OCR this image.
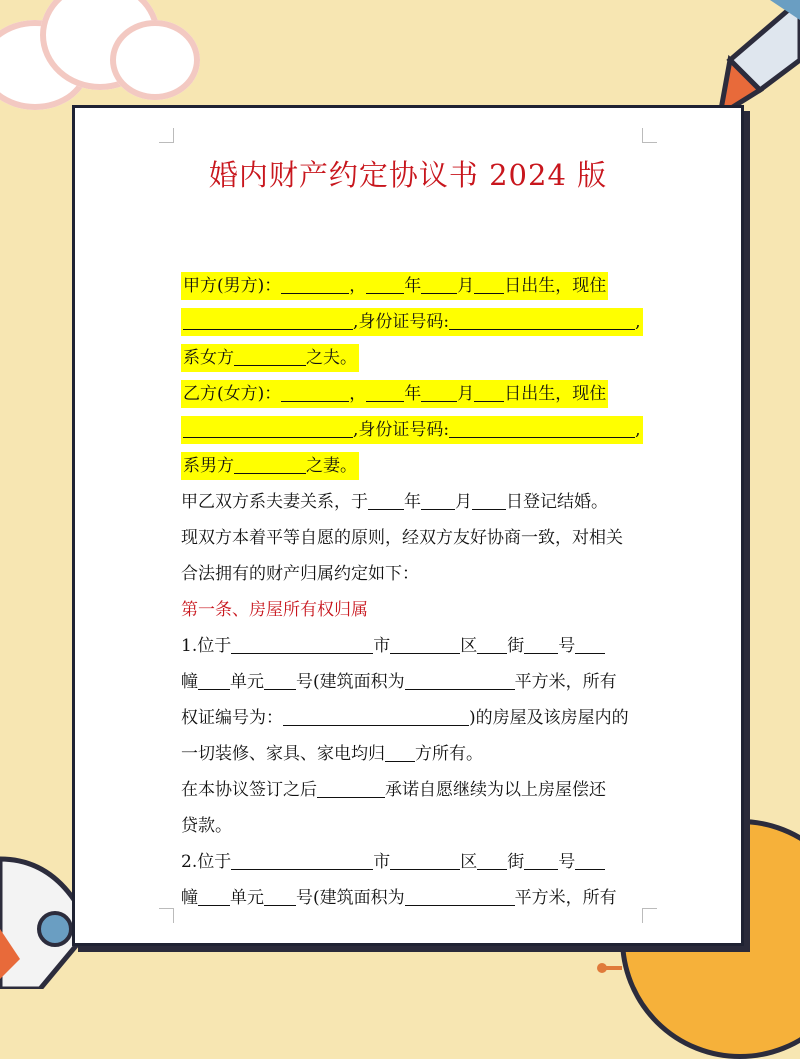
婚内财产约定协议书 2024 版
甲方(男方)：	， 年 月 日出生，现住
,身份证号码:	,
系女方	之夫。
乙方(女方)：	， 年 月 日出生，现住
,身份证号码:	,
系男方	之妻。
甲乙双方系夫妻关系，于 年 月 日登记结婚。
现双方本着平等自愿的原则，经双方友好协商一致，对相关
合法拥有的财产归属约定如下：
第一条、房屋所有权归属
1.位于	市	区 街 号
幢 单元 号(建筑面积为	平方米，所有
权证编号为：	)的房屋及该房屋内的
一切装修、家具、家电均归 方所有。
在本协议签订之后	承诺自愿继续为以上房屋偿还
贷款。
2.位于	市	区 街 号
幢 单元 号(建筑面积为	平方米，所有
